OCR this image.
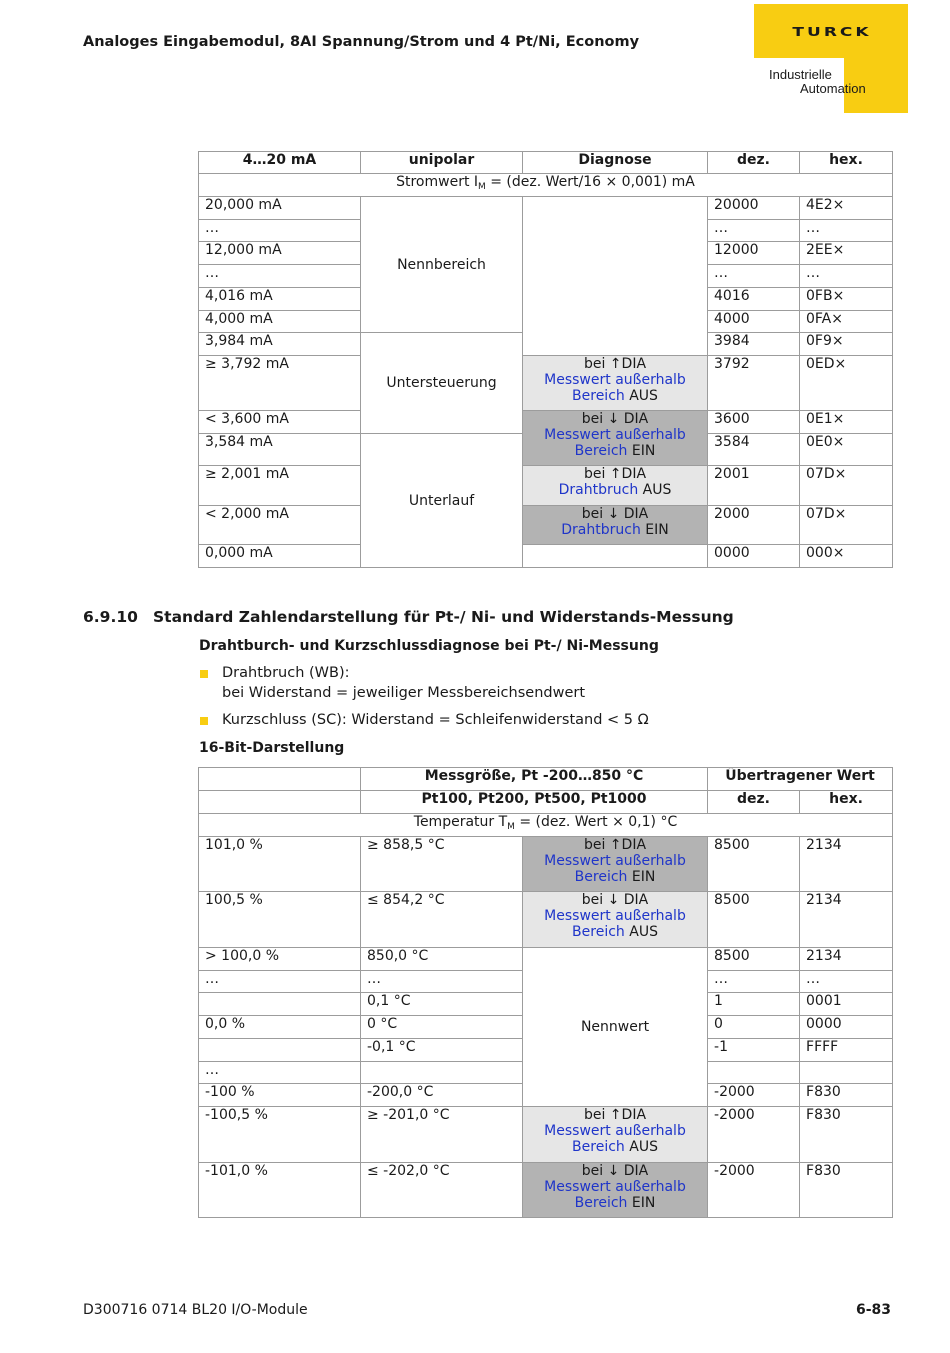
Analoges Eingabemodul, 8AI Spannung/Strom und 4 Pt/Ni, Economy
TURCK
Industrielle
Automation
4…20 mA	unipolar	Diagnose	dez.	hex.
Stromwert $I_M = (dez$. Wert/16 × 0,001) mA				
20,000 mA	Nennbereich		20000	4E2×
…			…	…
12,000 mA			12000	2EE×
…			…	…
4,016 mA			4016	0FB×
4,000 mA			4000	0FA×
3,984 mA	Untersteuerung		3984	0F9×
≥ 3,792 mA		bei ↑DIA
Messwert außerhalb
Bereich AUS	3792	0ED×
< 3,600 mA		bei ↓ DIA
Messwert außerhalb
Bereich EIN	3600	0E1×
3,584 mA	Unterlauf		3584	0E0×
≥ 2,001 mA		bei ↑DIA
Drahtbruch AUS	2001	07D×
< 2,000 mA		bei ↓ DIA
Drahtbruch EIN	2000	07D×
0,000 mA			0000	000×
6.9.10 Standard Zahlendarstellung für Pt-/ Ni- und Widerstands-Messung
Drahtburch- und Kurzschlussdiagnose bei Pt-/ Ni-Messung
Drahtbruch (WB):
bei Widerstand = jeweiliger Messbereichsendwert
Kurzschluss (SC): Widerstand = Schleifenwiderstand < 5 Ω
16-Bit-Darstellung
	Messgröße, Pt -200…850 °C		Übertragener Wert	
	Pt100, Pt200, Pt500, Pt1000		dez.	hex.
Temperatur $T_M = (dez$. Wert × 0,1) °C				
101,0 %	≥ 858,5 °C	bei ↑DIA
Messwert außerhalb
Bereich EIN	8500	2134
100,5 %	≤ 854,2 °C	bei ↓ DIA
Messwert außerhalb
Bereich AUS	8500	2134
> 100,0 %	850,0 °C	Nennwert	8500	2134
…	…		…	…
	0,1 °C		1	0001
0,0 %	0 °C		0	0000
	-0,1 °C		-1	FFFF
…				
-100 %	-200,0 °C		-2000	F830
-100,5 %	≥ -201,0 °C	bei ↑DIA
Messwert außerhalb
Bereich AUS	-2000	F830
-101,0 %	≤ -202,0 °C	bei ↓ DIA
Messwert außerhalb
Bereich EIN	-2000	F830
D300716 0714 BL20 I/O-Module	6-83
